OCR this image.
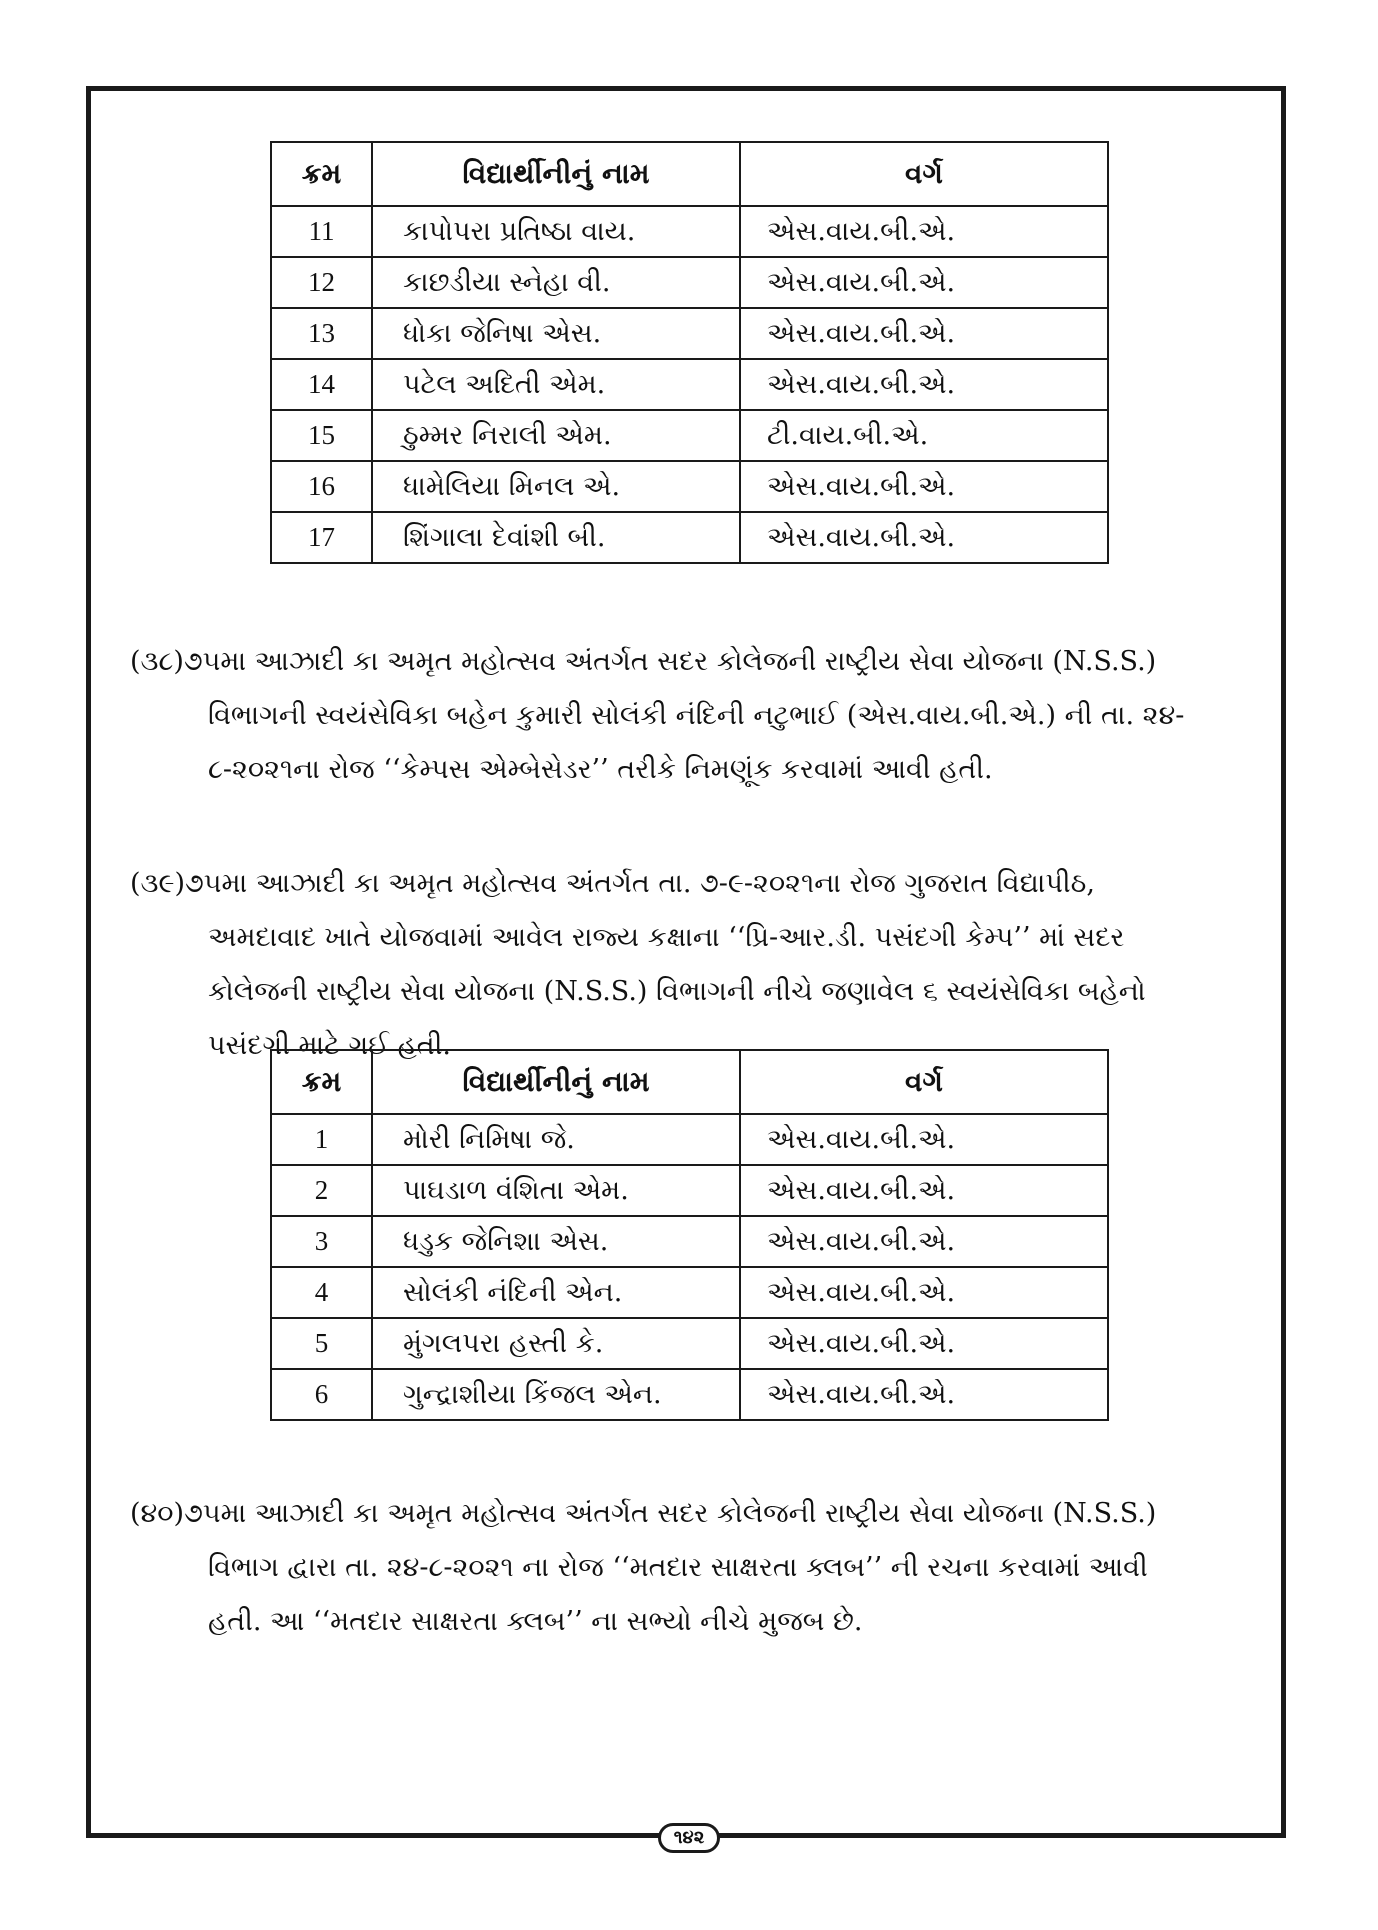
ક્રમ	વિદ્યાર્થીનીનું નામ	વર્ગ
11	કાપોપરા પ્રતિષ્ઠા વાય.	એસ.વાય.બી.એ.
12	કાછડીયા સ્નેહા વી.	એસ.વાય.બી.એ.
13	ધોકા જેનિષા એસ.	એસ.વાય.બી.એ.
14	પટેલ અદિતી એમ.	એસ.વાય.બી.એ.
15	ઠુમ્મર નિરાલી એમ.	ટી.વાય.બી.એ.
16	ધામેલિયા મિનલ એ.	એસ.વાય.બી.એ.
17	શિંગાલા દેવાંશી બી.	એસ.વાય.બી.એ.
(૩૮)૭૫મા આઝાદી કા અમૃત મહોત્સવ અંતર્ગત સદર કોલેજની રાષ્ટ્રીય સેવા યોજના (N.S.S.)
વિભાગની સ્વયંસેવિકા બહેન કુમારી સોલંકી નંદિની નટુભાઈ (એસ.વાય.બી.એ.) ની તા. ૨૪-
૮-૨૦૨૧ના રોજ ‘‘કેમ્પસ એમ્બેસેડર’’ તરીકે નિમણૂંક કરવામાં આવી હતી.
(૩૯)૭૫મા આઝાદી કા અમૃત મહોત્સવ અંતર્ગત તા. ૭-૯-૨૦૨૧ના રોજ ગુજરાત વિદ્યાપીઠ,
અમદાવાદ ખાતે યોજવામાં આવેલ રાજ્ય કક્ષાના ‘‘પ્રિ-આર.ડી. પસંદગી કેમ્પ’’ માં સદર
કોલેજની રાષ્ટ્રીય સેવા યોજના (N.S.S.) વિભાગની નીચે જણાવેલ ૬ સ્વયંસેવિકા બહેનો
પસંદગી માટે ગઈ હતી.
ક્રમ	વિદ્યાર્થીનીનું નામ	વર્ગ
1	મોરી નિમિષા જે.	એસ.વાય.બી.એ.
2	પાઘડાળ વંશિતા એમ.	એસ.વાય.બી.એ.
3	ધડુક જેનિશા એસ.	એસ.વાય.બી.એ.
4	સોલંકી નંદિની એન.	એસ.વાય.બી.એ.
5	મુંગલપરા હસ્તી કે.	એસ.વાય.બી.એ.
6	ગુન્દ્રાશીયા કિંજલ એન.	એસ.વાય.બી.એ.
(૪૦)૭૫મા આઝાદી કા અમૃત મહોત્સવ અંતર્ગત સદર કોલેજની રાષ્ટ્રીય સેવા યોજના (N.S.S.)
વિભાગ દ્વારા તા. ૨૪-૮-૨૦૨૧ ના રોજ ‘‘મતદાર સાક્ષરતા ક્લબ’’ ની રચના કરવામાં આવી
હતી. આ ‘‘મતદાર સાક્ષરતા ક્લબ’’ ના સભ્યો નીચે મુજબ છે.
૧૪૨
